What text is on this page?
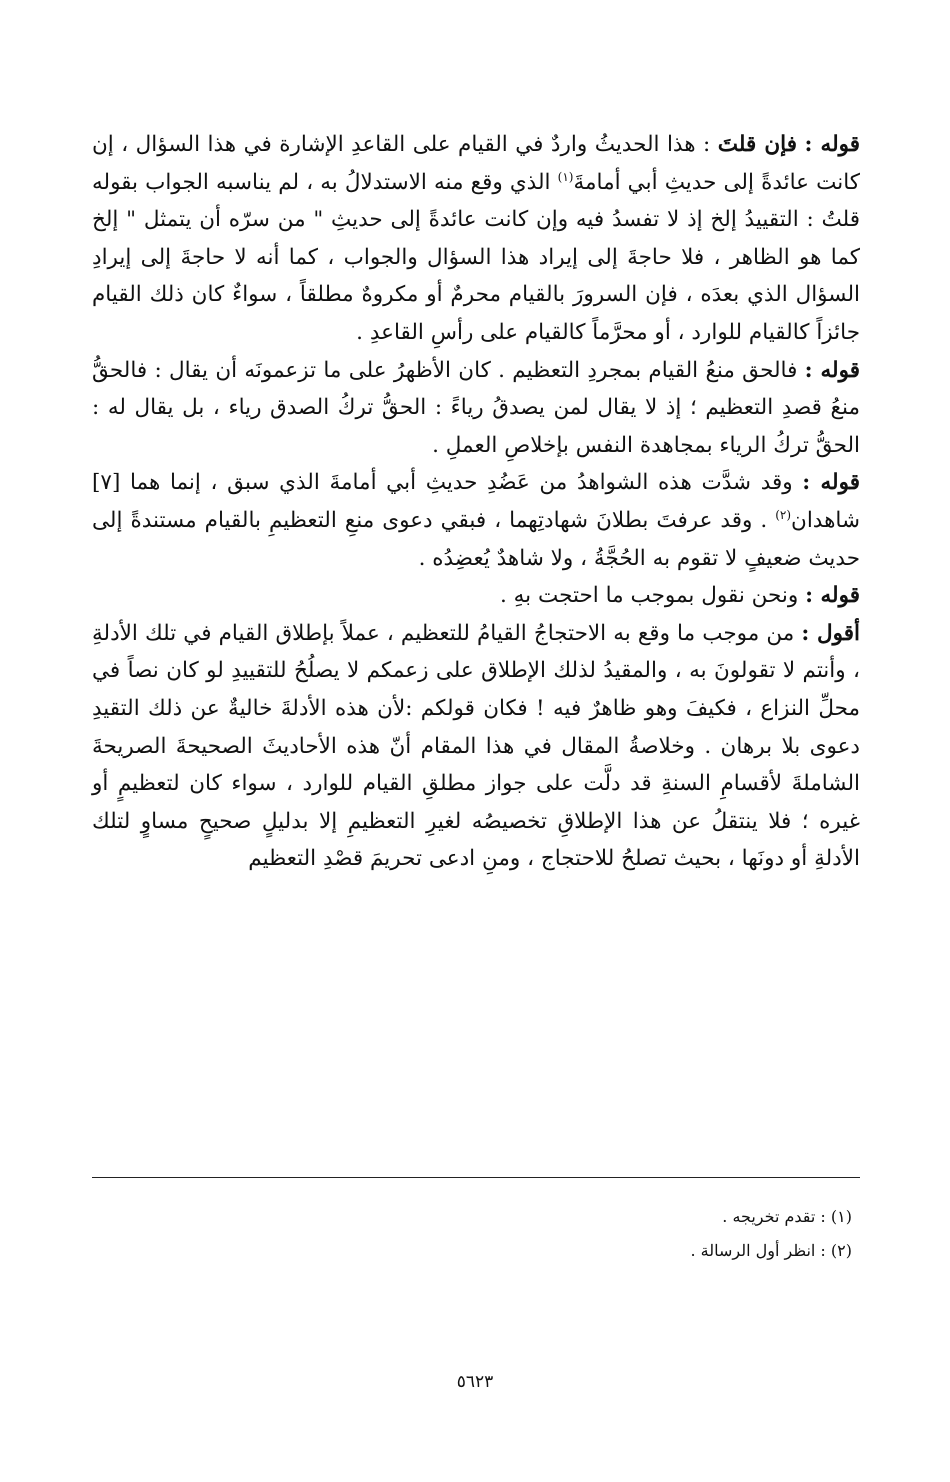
قوله : فإن قلتَ : هذا الحديثُ واردٌ في القيام على القاعدِ الإشارة في هذا السؤال ، إن كانت عائدةً إلى حديثِ أبي أمامةَ$^{(١)}$ الذي وقع منه الاستدلالُ به ، لم يناسبه الجواب بقوله قلتُ : التقييدُ إلخ إذ لا تفسدُ فيه وإن كانت عائدةً إلى حديثِ " من سرّه أن يتمثل " إلخ كما هو الظاهر ، فلا حاجةَ إلى إيراد هذا السؤال والجواب ، كما أنه لا حاجةَ إلى إيرادِ السؤال الذي بعدَه ، فإن السرورَ بالقيام محرمٌ أو مكروهٌ مطلقاً ، سواءٌ كان ذلك القيام جائزاً كالقيام للوارد ، أو محرَّماً كالقيام على رأسِ القاعدِ .

قوله : فالحق منعُ القيام بمجردِ التعظيم . كان الأظهرُ على ما تزعمونَه أن يقال : فالحقُّ منعُ قصدِ التعظيم ؛ إذ لا يقال لمن يصدقُ رياءً : الحقُّ تركُ الصدق رياء ، بل يقال له : الحقُّ تركُ الرياء بمجاهدة النفس بإخلاصِ العملِ .

قوله : وقد شدَّت هذه الشواهدُ من عَضُدِ حديثِ أبي أمامةَ الذي سبق ، إنما هما [٧] شاهدان$^{(٢)}$ . وقد عرفتَ بطلانَ شهادتِهما ، فبقي دعوى منعِ التعظيمِ بالقيام مستندةً إلى حديث ضعيفٍ لا تقوم به الحُجَّةُ ، ولا شاهدٌ يُعضِدُه .

قوله : ونحن نقول بموجب ما احتجت بهِ .

أقول : من موجب ما وقع به الاحتجاجُ القيامُ للتعظيم ، عملاً بإطلاق القيام في تلك الأدلةِ ، وأنتم لا تقولونَ به ، والمقيدُ لذلك الإطلاق على زعمكم لا يصلُحُ للتقييدِ لو كان نصاً في محلِّ النزاع ، فكيفَ وهو ظاهرٌ فيه ! فكان قولكم :لأن هذه الأدلةَ خاليةٌ عن ذلك التقيدِ دعوى بلا برهان . وخلاصةُ المقال في هذا المقام أنّ هذه الأحاديثَ الصحيحةَ الصريحةَ الشاملةَ لأقسامِ السنةِ قد دلَّت على جواز مطلقِ القيام للوارد ، سواء كان لتعظيمٍ أو غيره ؛ فلا ينتقلُ عن هذا الإطلاقِ تخصيصُه لغيرِ التعظيمِ إلا بدليلٍ صحيحٍ مساوٍ لتلك الأدلةِ أو دونَها ، بحيث تصلحُ للاحتجاج ، ومنِ ادعى تحريمَ قصْدِ التعظيم

(١) : تقدم تخريجه .

(٢) : انظر أول الرسالة .

٥٦٢٣
